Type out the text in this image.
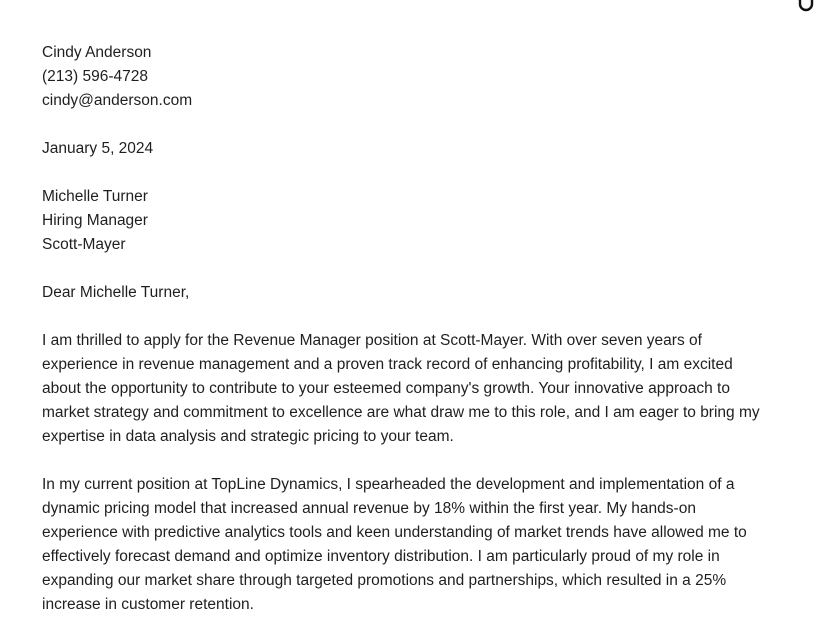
Cindy Anderson
(213) 596-4728
cindy@anderson.com

January 5, 2024

Michelle Turner
Hiring Manager
Scott-Mayer

Dear Michelle Turner,

I am thrilled to apply for the Revenue Manager position at Scott-Mayer. With over seven years of
experience in revenue management and a proven track record of enhancing profitability, I am excited
about the opportunity to contribute to your esteemed company's growth. Your innovative approach to
market strategy and commitment to excellence are what draw me to this role, and I am eager to bring my
expertise in data analysis and strategic pricing to your team.

In my current position at TopLine Dynamics, I spearheaded the development and implementation of a
dynamic pricing model that increased annual revenue by 18% within the first year. My hands-on
experience with predictive analytics tools and keen understanding of market trends have allowed me to
effectively forecast demand and optimize inventory distribution. I am particularly proud of my role in
expanding our market share through targeted promotions and partnerships, which resulted in a 25%
increase in customer retention.
